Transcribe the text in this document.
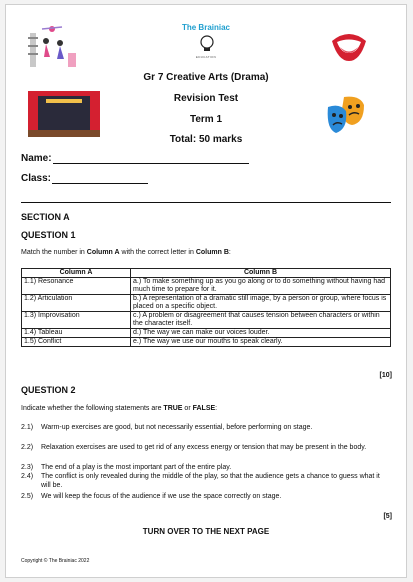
The Brainiac
EDUCATION
Gr 7 Creative Arts (Drama)
Revision Test
Term 1
Total: 50 marks
Name:
Class:
SECTION A
QUESTION 1
Match the number in Column A with the correct letter in Column B:
Column A	Column B
1.1) Resonance	a.) To make something up as you go along or to do something without having had much time to prepare for it.
1.2) Articulation	b.) A representation of a dramatic still image, by a person or group, where focus is placed on a specific object.
1.3) Improvisation	c.) A problem or disagreement that causes tension between characters or within the character itself.
1.4) Tableau	d.) The way we can make our voices louder.
1.5) Conflict	e.) The way we use our mouths to speak clearly.
[10]
QUESTION 2
Indicate whether the following statements are TRUE or FALSE:
2.1) Warm-up exercises are good, but not necessarily essential, before performing on stage.
2.2) Relaxation exercises are used to get rid of any excess energy or tension that may be present in the body.
2.3) The end of a play is the most important part of the entire play.
2.4) The conflict is only revealed during the middle of the play, so that the audience gets a chance to guess what it will be.
2.5) We will keep the focus of the audience if we use the space correctly on stage.
[5]
TURN OVER TO THE NEXT PAGE
Copyright © The Brainiac 2022
